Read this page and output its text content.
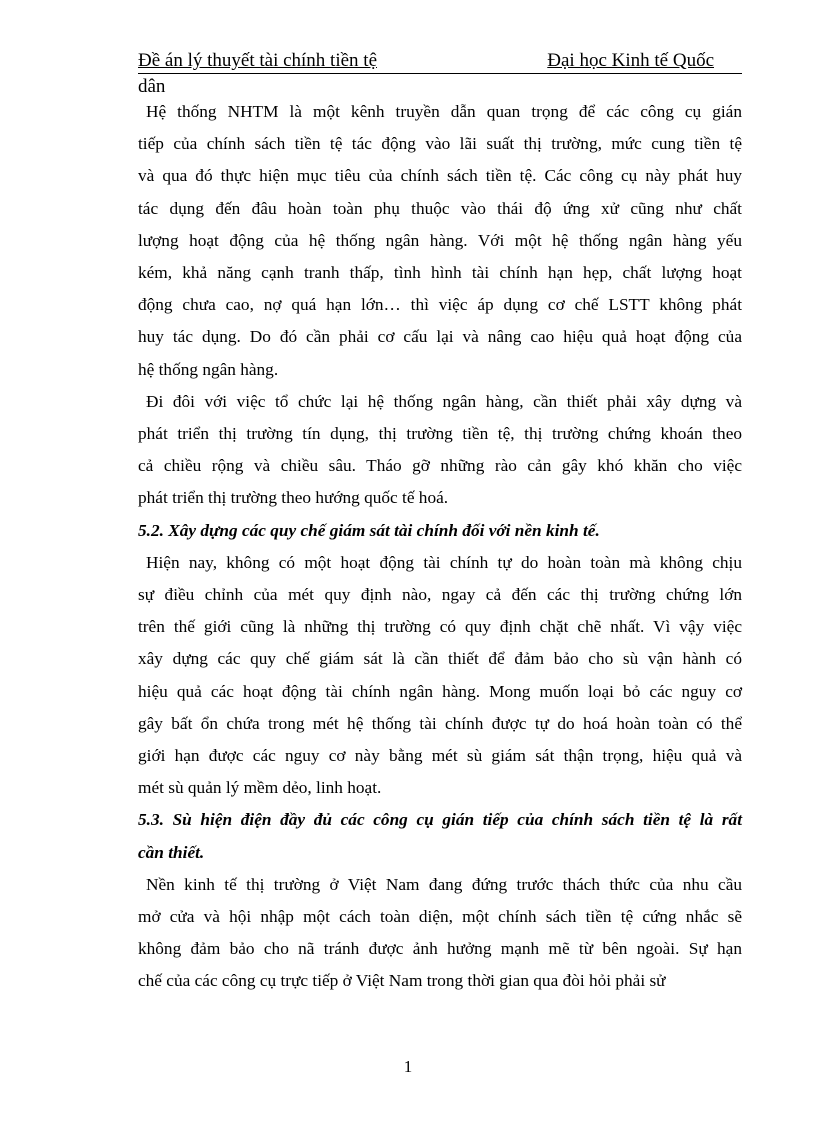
Đề án lý thuyết tài chính tiền tệ	Đại học Kinh tế Quốc
dân
Hệ thống NHTM là một kênh truyền dẫn quan trọng để các công cụ gián
tiếp của chính sách tiền tệ tác động vào lãi suất thị trường, mức cung tiền tệ
và qua đó thực hiện mục tiêu của chính sách tiền tệ. Các công cụ này phát huy
tác dụng đến đâu hoàn toàn phụ thuộc vào thái độ ứng xử cũng như chất
lượng hoạt động của hệ thống ngân hàng. Với một hệ thống ngân hàng yếu
kém, khả năng cạnh tranh thấp, tình hình tài chính hạn hẹp, chất lượng hoạt
động chưa cao, nợ quá hạn lớn… thì việc áp dụng cơ chế LSTT không phát
huy tác dụng. Do đó cần phải cơ cấu lại và nâng cao hiệu quả hoạt động của
hệ thống ngân hàng.
Đi đôi với việc tổ chức lại hệ thống ngân hàng, cần thiết phải xây dựng và
phát triển thị trường tín dụng, thị trường tiền tệ, thị trường chứng khoán theo
cả chiều rộng và chiều sâu. Tháo gỡ những rào cản gây khó khăn cho việc
phát triển thị trường theo hướng quốc tế hoá.
5.2. Xây dựng các quy chế giám sát tài chính đối với nền kinh tế.
Hiện nay, không có một hoạt động tài chính tự do hoàn toàn mà không chịu
sự điều chỉnh của mét quy định nào, ngay cả đến các thị trường chứng lớn
trên thế giới cũng là những thị trường có quy định chặt chẽ nhất. Vì vậy việc
xây dựng các quy chế giám sát là cần thiết để đảm bảo cho sù vận hành có
hiệu quả các hoạt động tài chính ngân hàng. Mong muốn loại bỏ các nguy cơ
gây bất ổn chứa trong mét hệ thống tài chính được tự do hoá hoàn toàn có thể
giới hạn được các nguy cơ này bằng mét sù giám sát thận trọng, hiệu quả và
mét sù quản lý mềm dẻo, linh hoạt.
5.3. Sù hiện điện đầy đủ các công cụ gián tiếp của chính sách tiền tệ là rất
cần thiết.
Nền kinh tế thị trường ở Việt Nam đang đứng trước thách thức của nhu cầu
mở cửa và hội nhập một cách toàn diện, một chính sách tiền tệ cứng nhắc sẽ
không đảm bảo cho nã tránh được ảnh hưởng mạnh mẽ từ bên ngoài. Sự hạn
chế của các công cụ trực tiếp ở Việt Nam trong thời gian qua đòi hỏi phải sử
1
